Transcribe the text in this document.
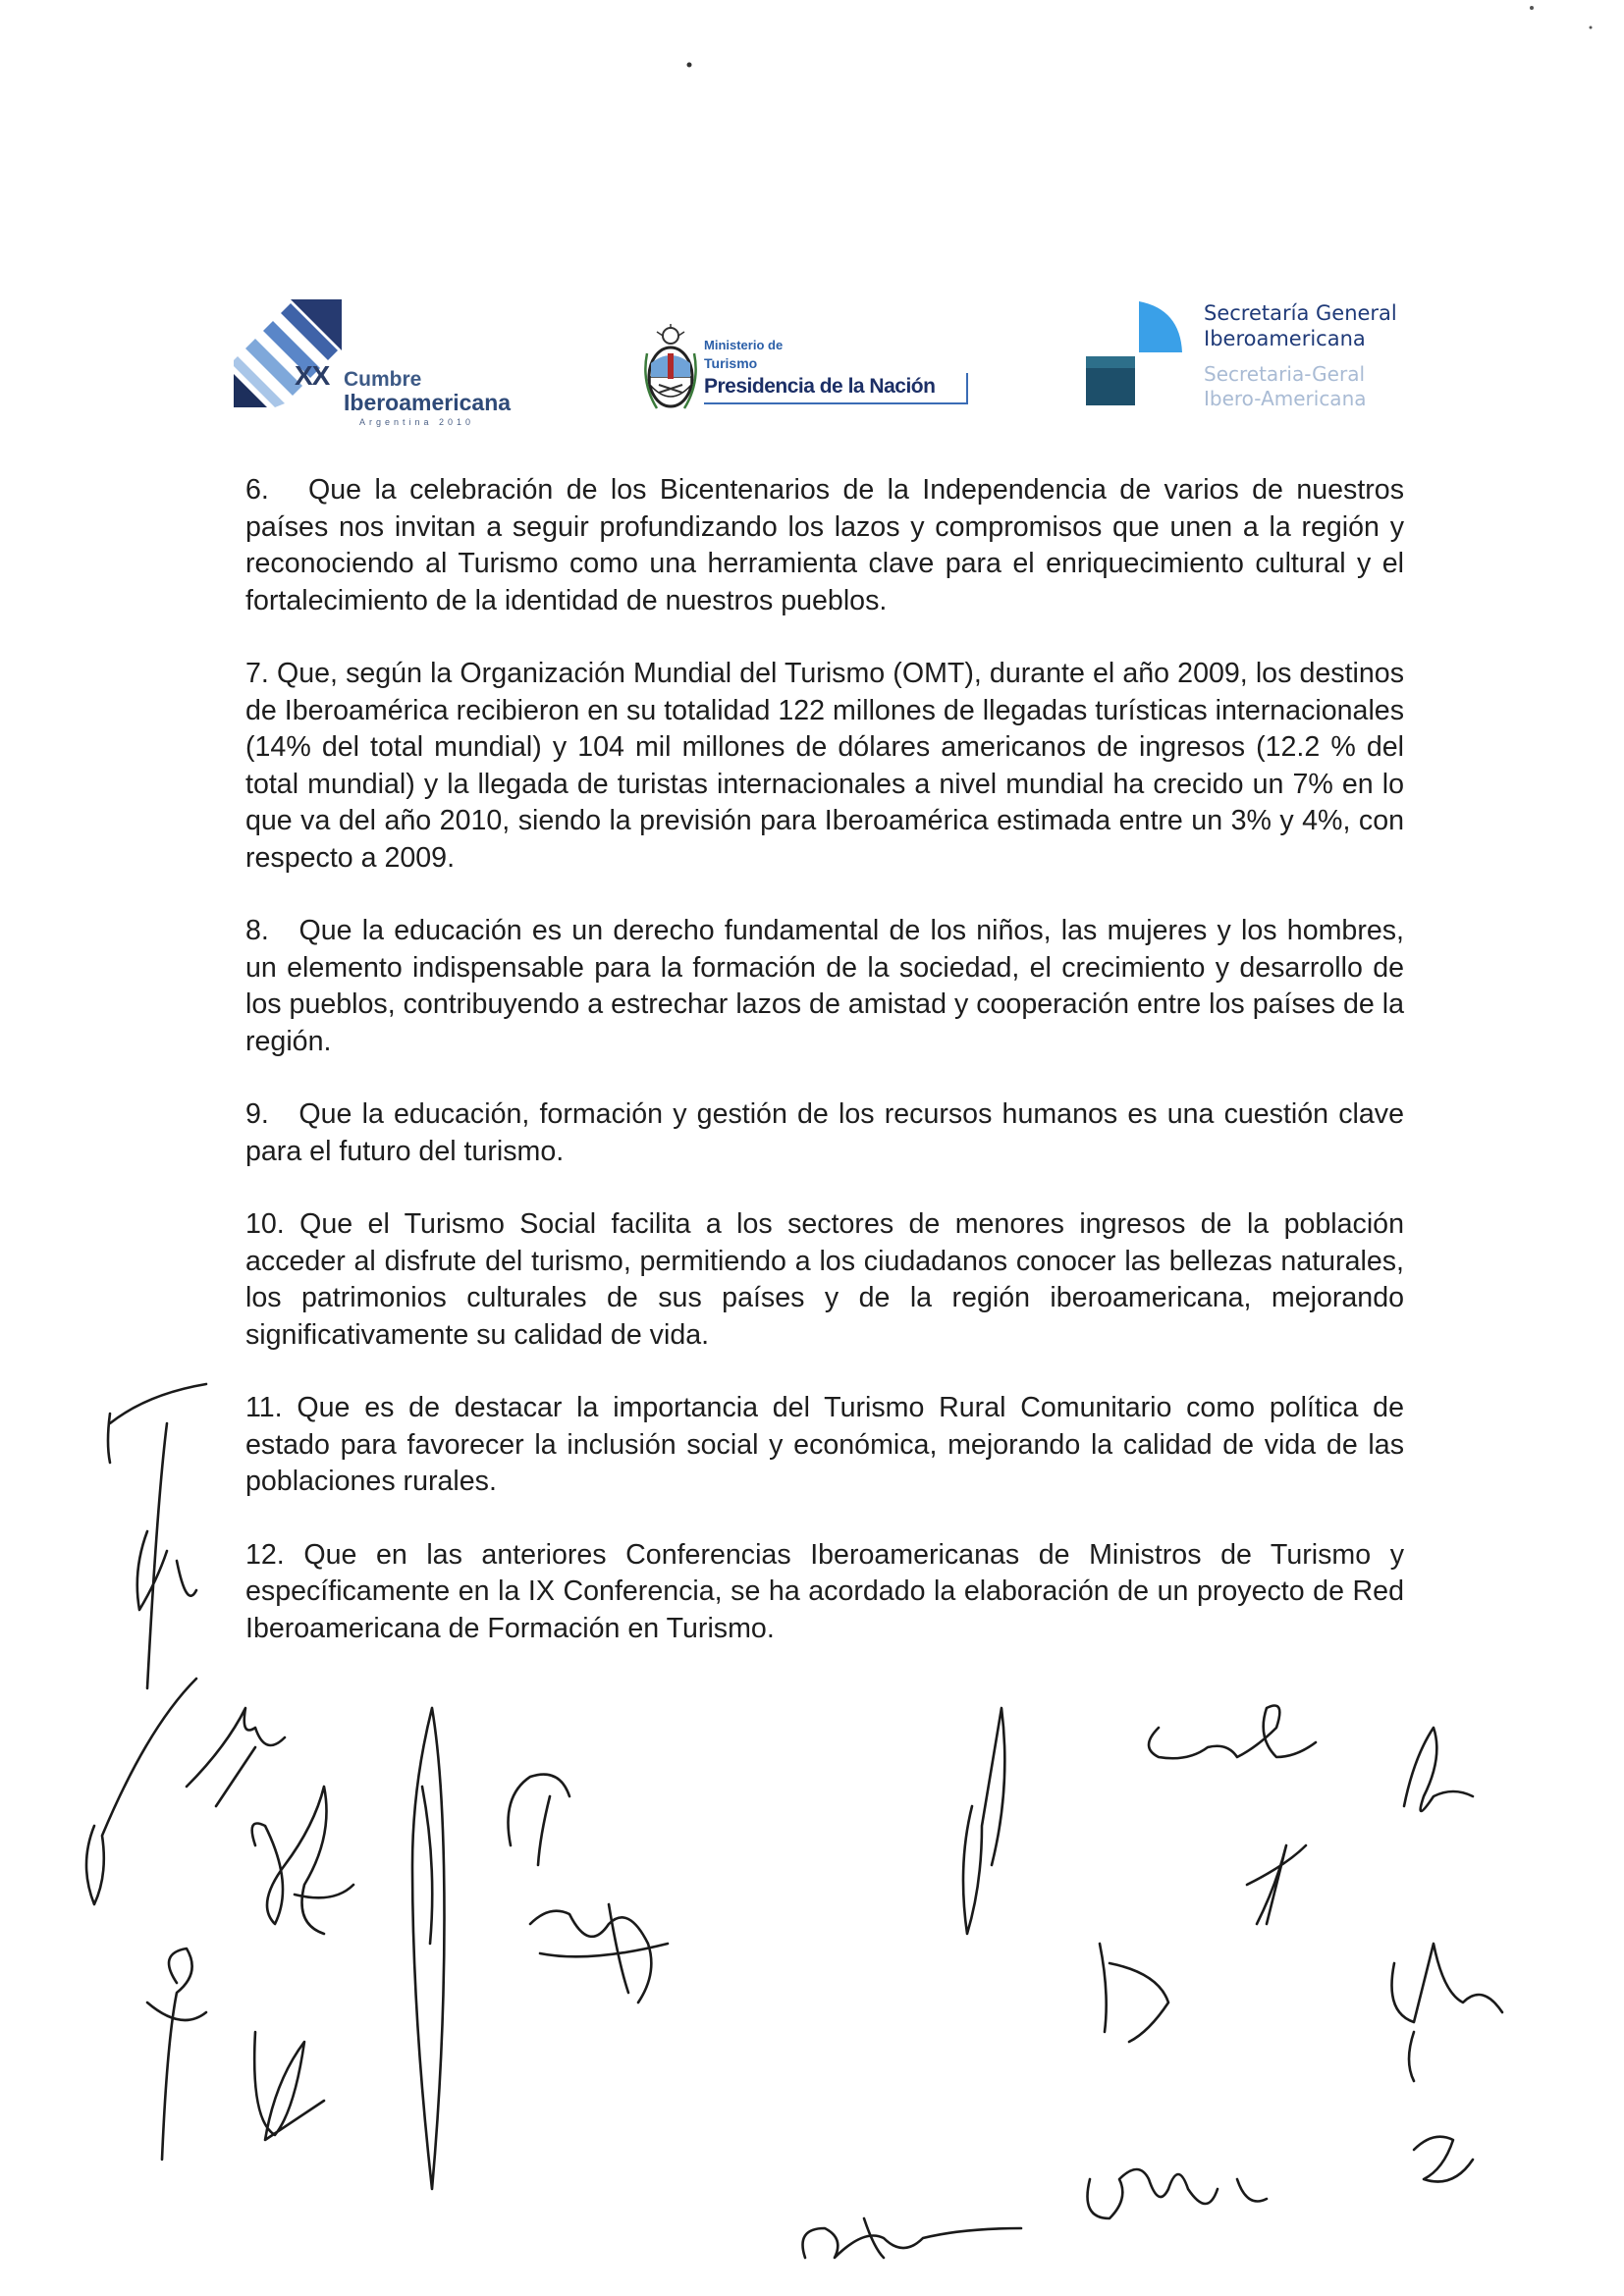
XX Cumbre
Iberoamericana
Argentina 2010
Ministerio de
Turismo
Presidencia de la Nación
Secretaría General
Iberoamericana
Secretaria-Geral
Ibero-Americana

6. Que la celebración de los Bicentenarios de la Independencia de varios de nuestros países nos invitan a seguir profundizando los lazos y compromisos que unen a la región y reconociendo al Turismo como una herramienta clave para el enriquecimiento cultural y el fortalecimiento de la identidad de nuestros pueblos.

7. Que, según la Organización Mundial del Turismo (OMT), durante el año 2009, los destinos de Iberoamérica recibieron en su totalidad 122 millones de llegadas turísticas internacionales (14% del total mundial) y 104 mil millones de dólares americanos de ingresos (12.2 % del total mundial) y la llegada de turistas internacionales a nivel mundial ha crecido un 7% en lo que va del año 2010, siendo la previsión para Iberoamérica estimada entre un 3% y 4%, con respecto a 2009.

8. Que la educación es un derecho fundamental de los niños, las mujeres y los hombres, un elemento indispensable para la formación de la sociedad, el crecimiento y desarrollo de los pueblos, contribuyendo a estrechar lazos de amistad y cooperación entre los países de la región.

9. Que la educación, formación y gestión de los recursos humanos es una cuestión clave para el futuro del turismo.

10. Que el Turismo Social facilita a los sectores de menores ingresos de la población acceder al disfrute del turismo, permitiendo a los ciudadanos conocer las bellezas naturales, los patrimonios culturales de sus países y de la región iberoamericana, mejorando significativamente su calidad de vida.

11. Que es de destacar la importancia del Turismo Rural Comunitario como política de estado para favorecer la inclusión social y económica, mejorando la calidad de vida de las poblaciones rurales.

12. Que en las anteriores Conferencias Iberoamericanas de Ministros de Turismo y específicamente en la IX Conferencia, se ha acordado la elaboración de un proyecto de Red Iberoamericana de Formación en Turismo.
